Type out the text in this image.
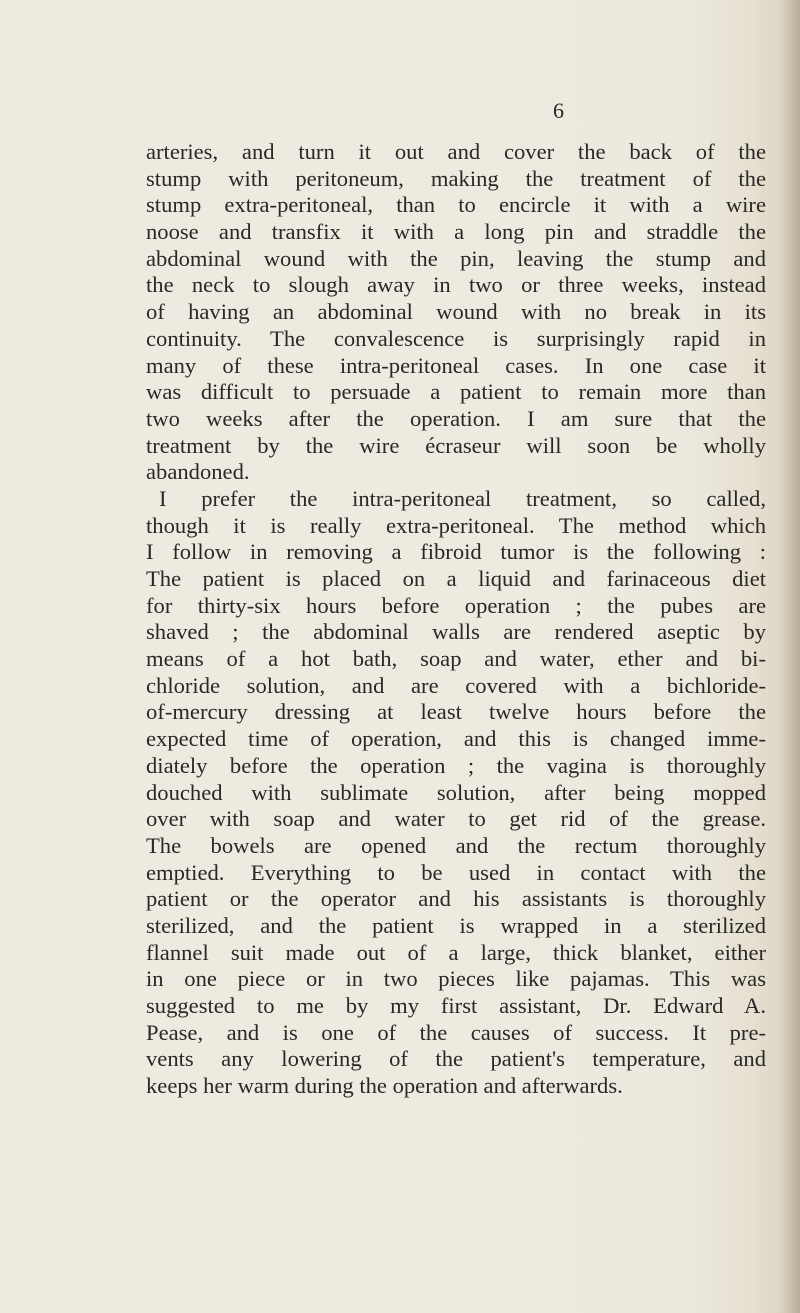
6
arteries, and turn it out and cover the back of the
stump with peritoneum, making the treatment of the
stump extra-peritoneal, than to encircle it with a wire
noose and transfix it with a long pin and straddle the
abdominal wound with the pin, leaving the stump and
the neck to slough away in two or three weeks, instead
of having an abdominal wound with no break in its
continuity. The convalescence is surprisingly rapid in
many of these intra-peritoneal cases. In one case it
was difficult to persuade a patient to remain more than
two weeks after the operation. I am sure that the
treatment by the wire écraseur will soon be wholly
abandoned.
I prefer the intra-peritoneal treatment, so called,
though it is really extra-peritoneal. The method which
I follow in removing a fibroid tumor is the following :
The patient is placed on a liquid and farinaceous diet
for thirty-six hours before operation ; the pubes are
shaved ; the abdominal walls are rendered aseptic by
means of a hot bath, soap and water, ether and bi-
chloride solution, and are covered with a bichloride-
of-mercury dressing at least twelve hours before the
expected time of operation, and this is changed imme-
diately before the operation ; the vagina is thoroughly
douched with sublimate solution, after being mopped
over with soap and water to get rid of the grease.
The bowels are opened and the rectum thoroughly
emptied. Everything to be used in contact with the
patient or the operator and his assistants is thoroughly
sterilized, and the patient is wrapped in a sterilized
flannel suit made out of a large, thick blanket, either
in one piece or in two pieces like pajamas. This was
suggested to me by my first assistant, Dr. Edward A.
Pease, and is one of the causes of success. It pre-
vents any lowering of the patient's temperature, and
keeps her warm during the operation and afterwards.
